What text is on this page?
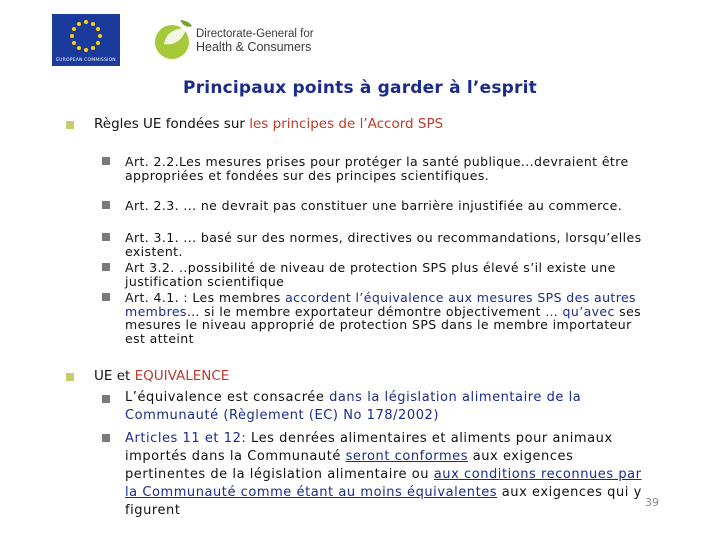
EUROPEAN COMMISSION
Directorate-General for
Health & Consumers
Principaux points à garder à l’esprit
Règles UE fondées sur les principes de l’Accord SPS

Art. 2.2.Les mesures prises pour protéger la santé publique...devraient être appropriées et fondées sur des principes scientifiques.

Art. 2.3. ... ne devrait pas constituer une barrière injustifiée au commerce.

Art. 3.1. ... basé sur des normes, directives ou recommandations, lorsqu’elles existent.

Art 3.2. ..possibilité de niveau de protection SPS plus élevé s’il existe une justification scientifique

Art. 4.1. : Les membres accordent l’équivalence aux mesures SPS des autres membres… si le membre exportateur démontre objectivement … qu’avec ses mesures le niveau approprié de protection SPS dans le membre importateur est atteint

UE et EQUIVALENCE
L’équivalence est consacrée dans la législation alimentaire de la Communauté (Règlement (EC) No 178/2002)
Articles 11 et 12: Les denrées alimentaires et aliments pour animaux importés dans la Communauté seront conformes aux exigences pertinentes de la législation alimentaire ou aux conditions reconnues par la Communauté comme étant au moins équivalentes aux exigences qui y figurent
39
